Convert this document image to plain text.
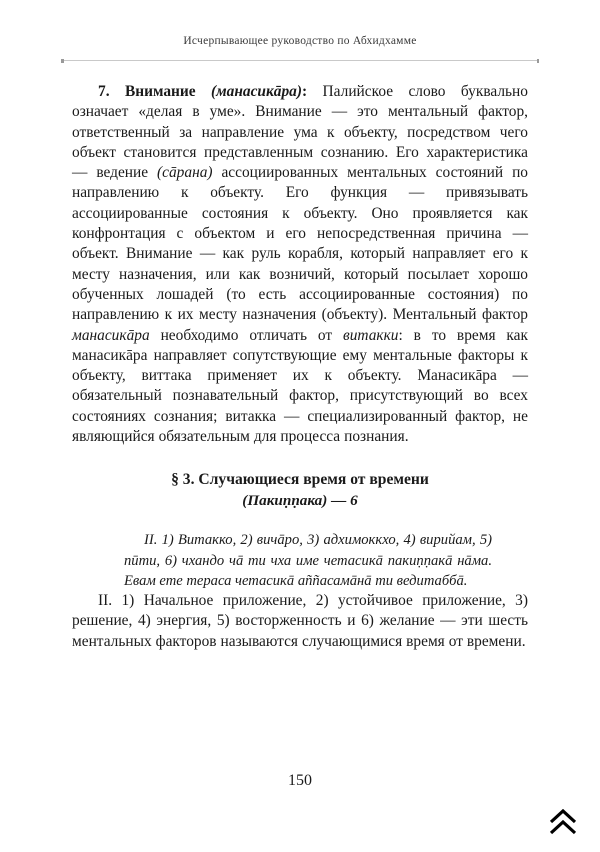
Исчерпывающее руководство по Абхидхамме

7. Внимание (манасикāра): Палийское слово буквально означает «делая в уме». Внимание — это ментальный фактор, ответственный за направление ума к объекту, посредством чего объект становится представленным сознанию. Его характеристика — ведение (сāрана) ассоциированных ментальных состояний по направлению к объекту. Его функция — привязывать ассоциированные состояния к объекту. Оно проявляется как конфронтация с объектом и его непосредственная причина — объект. Внимание — как руль корабля, который направляет его к месту назначения, или как возничий, который посылает хорошо обученных лошадей (то есть ассоциированные состояния) по направлению к их месту назначения (объекту). Ментальный фактор манасикāра необходимо отличать от витакки: в то время как манасикāра направляет сопутствующие ему ментальные факторы к объекту, виттака применяет их к объекту. Манасикāра — обязательный познавательный фактор, присутствующий во всех состояниях сознания; витакка — специализированный фактор, не являющийся обязательным для процесса познания.

§ 3. Случающиеся время от времени
(Пакиṇṇака) — 6

II. 1) Витакко, 2) вичāро, 3) адхимоккхо, 4) вирийам, 5) пūти, 6) чхандо чā ти чха име четасикā пакиṇṇакā нāма. Евам ете тераса четасикā аññасамāнā ти ведитаббā.

II. 1) Начальное приложение, 2) устойчивое приложение, 3) решение, 4) энергия, 5) восторженность и 6) желание — эти шесть ментальных факторов называются случающимися время от времени.

150
